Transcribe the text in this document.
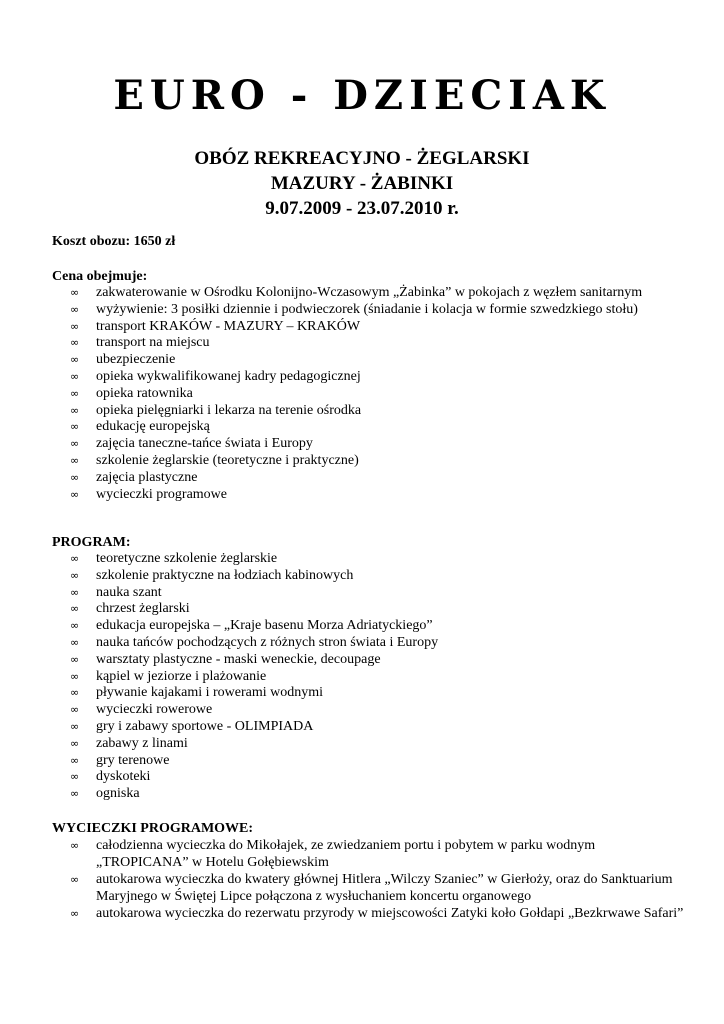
EURO - DZIECIAK
OBÓZ REKREACYJNO - ŻEGLARSKI
MAZURY - ŻABINKI
9.07.2009 - 23.07.2010 r.
Koszt obozu: 1650 zł
Cena obejmuje:
∞ zakwaterowanie w Ośrodku Kolonijno-Wczasowym „Żabinka” w pokojach z węzłem sanitarnym
∞ wyżywienie: 3 posiłki dziennie i podwieczorek (śniadanie i kolacja w formie szwedzkiego stołu)
∞ transport KRAKÓW - MAZURY – KRAKÓW
∞ transport na miejscu
∞ ubezpieczenie
∞ opieka wykwalifikowanej kadry pedagogicznej
∞ opieka ratownika
∞ opieka pielęgniarki i lekarza na terenie ośrodka
∞ edukację europejską
∞ zajęcia taneczne-tańce świata i Europy
∞ szkolenie żeglarskie (teoretyczne i praktyczne)
∞ zajęcia plastyczne
∞ wycieczki programowe
PROGRAM:
∞ teoretyczne szkolenie żeglarskie
∞ szkolenie praktyczne na łodziach kabinowych
∞ nauka szant
∞ chrzest żeglarski
∞ edukacja europejska – „Kraje basenu Morza Adriatyckiego”
∞ nauka tańców pochodzących z różnych stron świata i Europy
∞ warsztaty plastyczne - maski weneckie, decoupage
∞ kąpiel w jeziorze i plażowanie
∞ pływanie kajakami i rowerami wodnymi
∞ wycieczki rowerowe
∞ gry i zabawy sportowe - OLIMPIADA
∞ zabawy z linami
∞ gry terenowe
∞ dyskoteki
∞ ogniska
WYCIECZKI PROGRAMOWE:
∞ całodzienna wycieczka do Mikołajek, ze zwiedzaniem portu i pobytem w parku wodnym „TROPICANA” w Hotelu Gołębiewskim
∞ autokarowa wycieczka do kwatery głównej Hitlera „Wilczy Szaniec” w Gierłoży, oraz do Sanktuarium Maryjnego w Świętej Lipce połączona z wysłuchaniem koncertu organowego
∞ autokarowa wycieczka do rezerwatu przyrody w miejscowości Zatyki koło Gołdapi „Bezkrwawe Safari”
